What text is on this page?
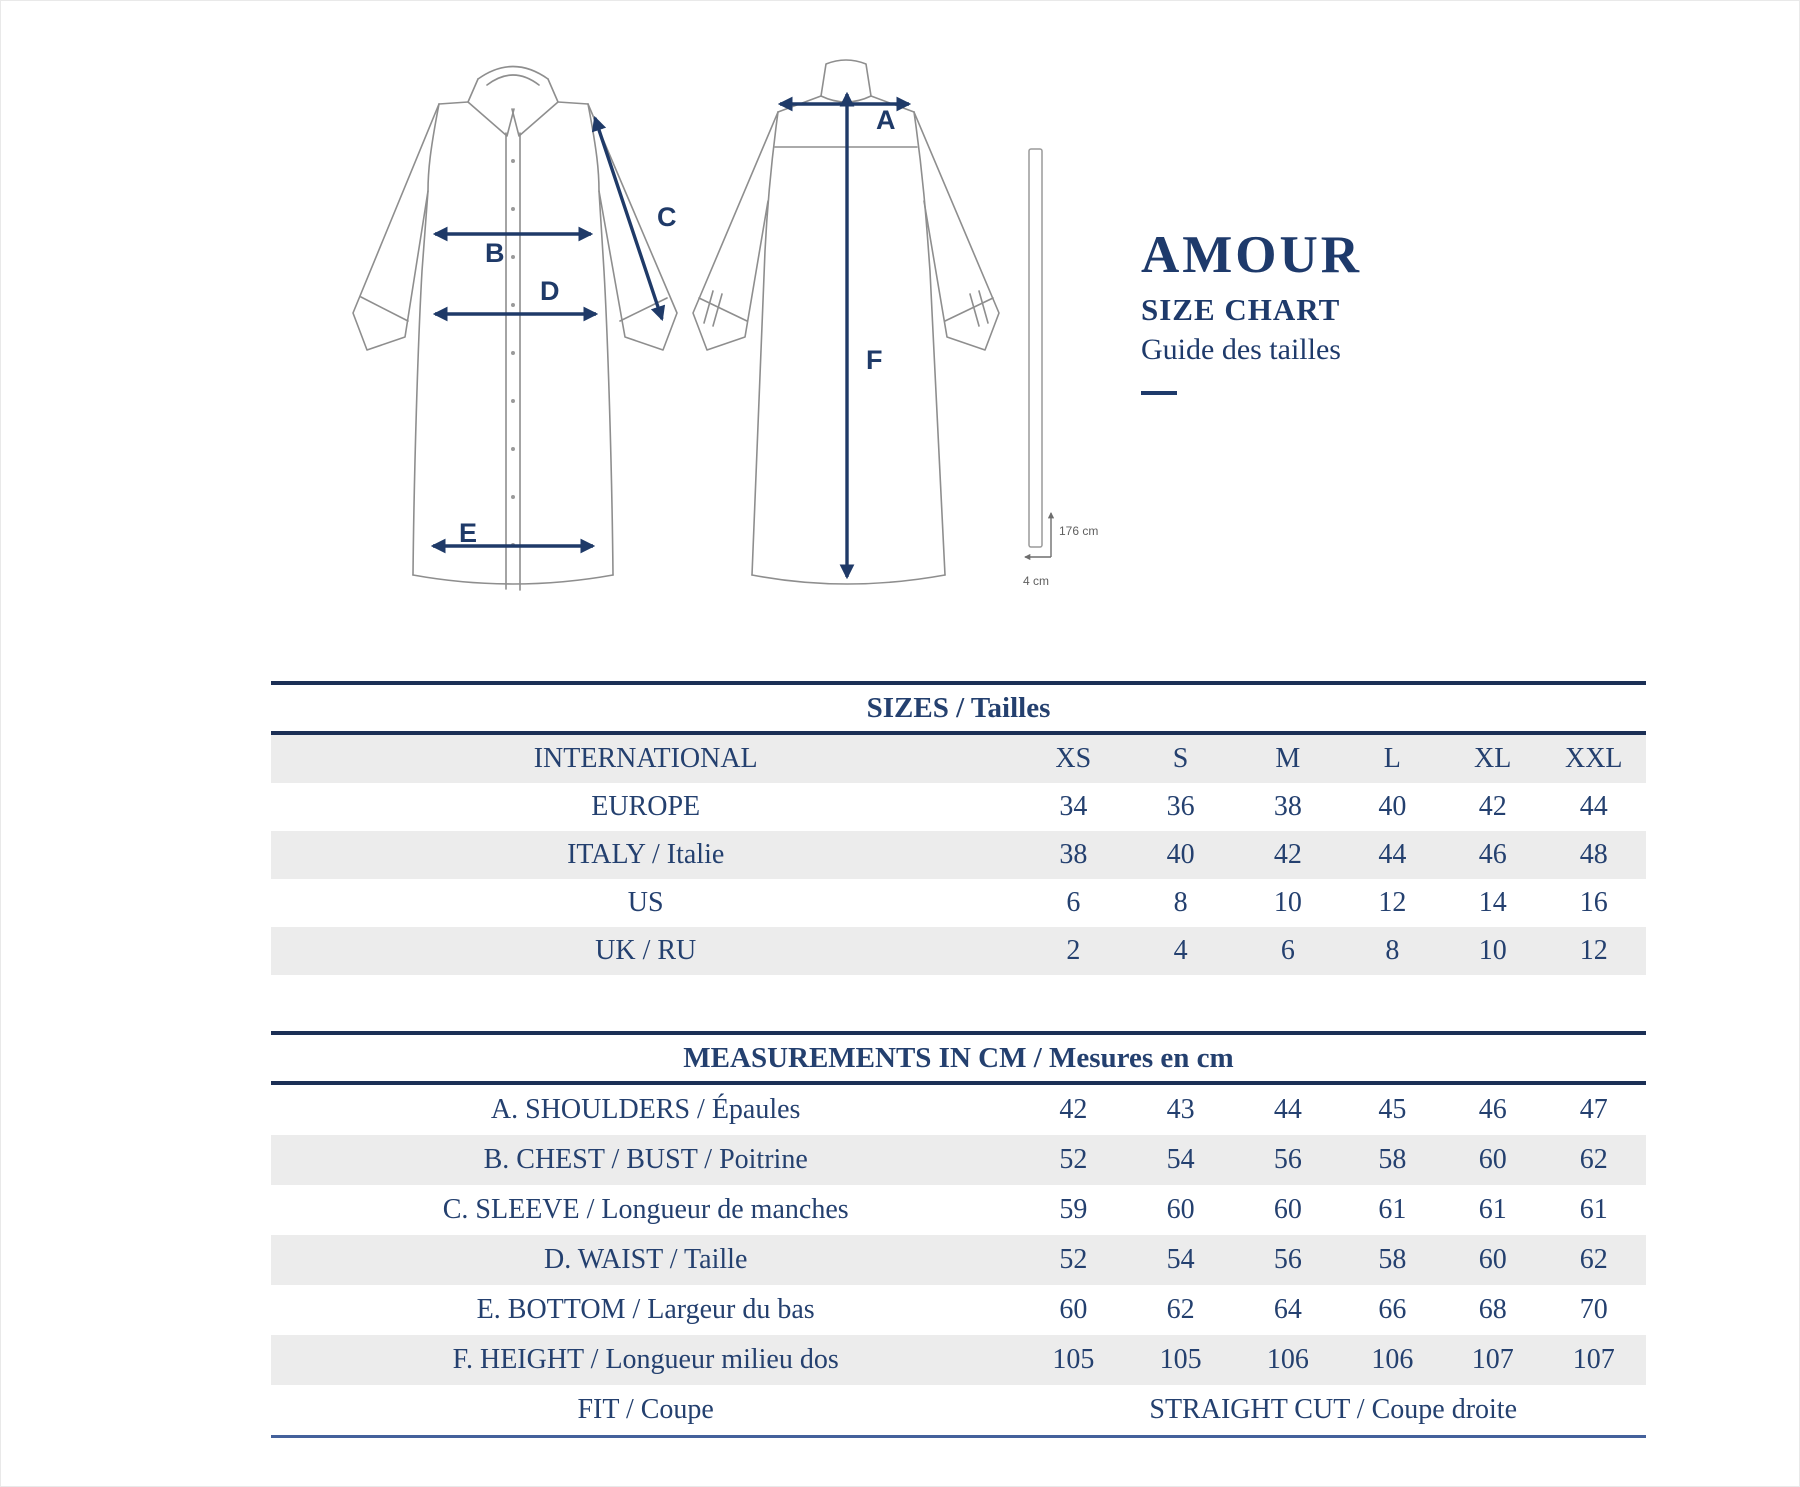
B
D
C
E
A
F
176 cm
4 cm
AMOUR
SIZE CHART
Guide des tailles
SIZES / Tailles						
INTERNATIONAL	XS	S	M	L	XL	XXL
EUROPE	34	36	38	40	42	44
ITALY / Italie	38	40	42	44	46	48
US	6	8	10	12	14	16
UK / RU	2	4	6	8	10	12
MEASUREMENTS IN CM / Mesures en cm						
A. SHOULDERS / Épaules	42	43	44	45	46	47
B. CHEST / BUST / Poitrine	52	54	56	58	60	62
C. SLEEVE / Longueur de manches	59	60	60	61	61	61
D. WAIST / Taille	52	54	56	58	60	62
E. BOTTOM / Largeur du bas	60	62	64	66	68	70
F. HEIGHT / Longueur milieu dos	105	105	106	106	107	107
FIT / Coupe	STRAIGHT CUT / Coupe droite					
